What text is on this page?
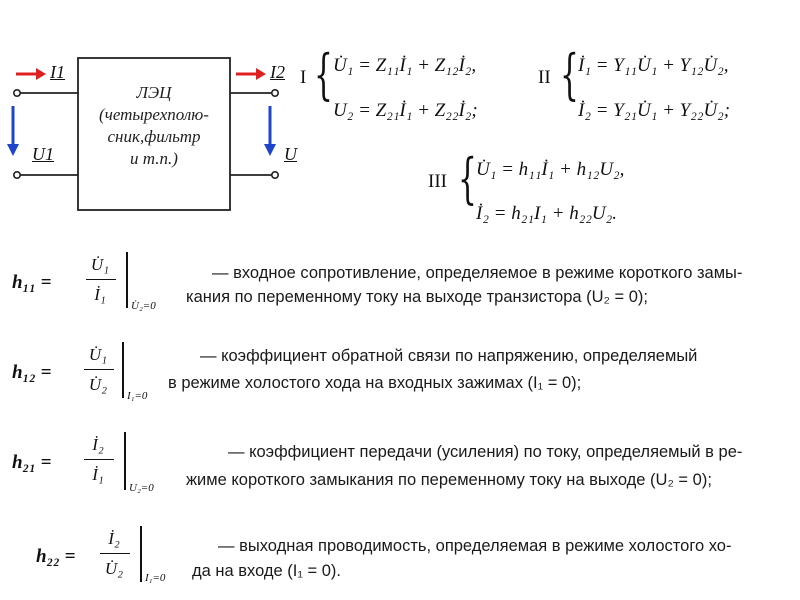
ЛЭЦ
(четырехполю-
сник,фильтр
и т.п.)
I1
U1
I2
U
I { U̇₁ = Z₁₁İ₁ + Z₁₂İ₂,
U₂ = Z₂₁İ₁ + Z₂₂İ₂;
II { İ₁ = Y₁₁U̇₁ + Y₁₂U̇₂,
İ₂ = Y₂₁U̇₁ + Y₂₂U̇₂;
III { U̇₁ = h₁₁İ₁ + h₁₂U₂,
İ₂ = h₂₁I₁ + h₂₂U₂.
h₁₁ =
U̇₁
İ₁
U̇₂=0
— входное сопротивление, определяемое в режиме короткого замы-
кания по переменному току на выходе транзистора (U₂ = 0);
h₁₂ =
U̇₁
U̇₂
I₁=0
— коэффициент обратной связи по напряжению, определяемый
в режиме холостого хода на входных зажимах (I₁ = 0);
h₂₁ =
İ₂
İ₁
U₂=0
— коэффициент передачи (усиления) по току, определяемый в ре-
жиме короткого замыкания по переменному току на выходе (U₂ = 0);
h₂₂ =
İ₂
U̇₂	I₁=0
— выходная проводимость, определяемая в режиме холостого хо-
да на входе (I₁ = 0).
